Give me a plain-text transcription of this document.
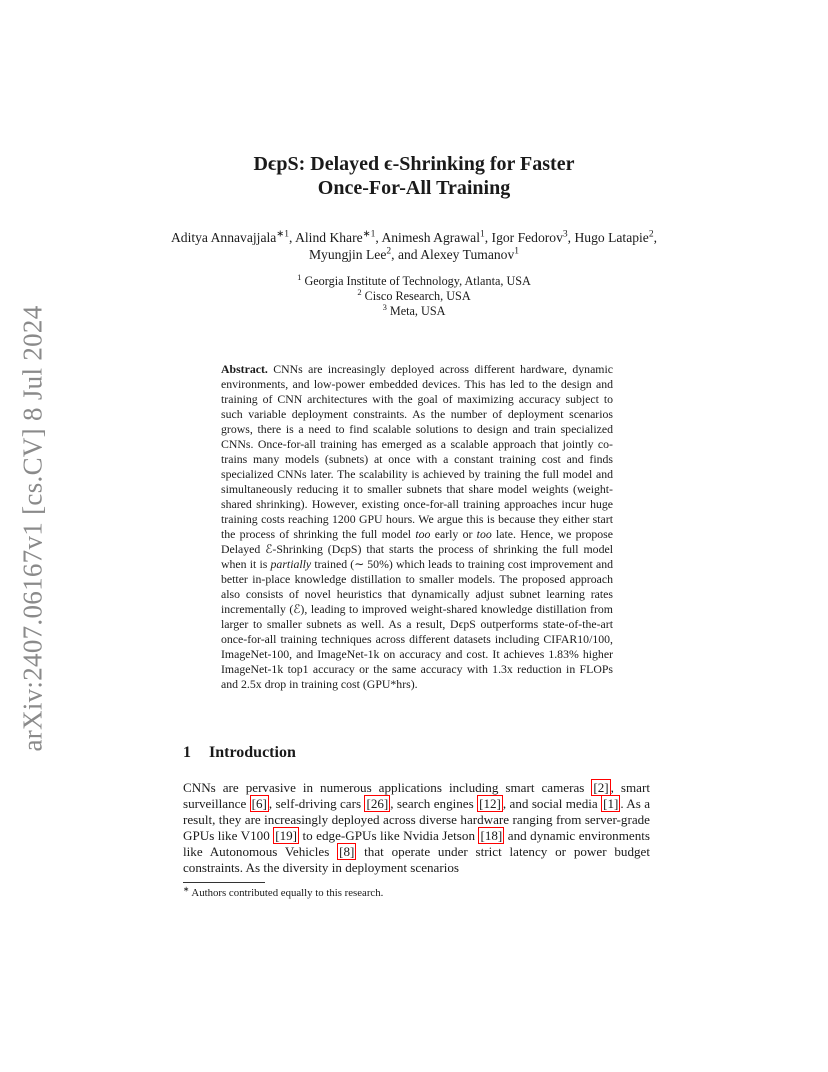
arXiv:2407.06167v1 [cs.CV] 8 Jul 2024
DϵpS: Delayed ϵ-Shrinking for Faster
Once-For-All Training
Aditya Annavajjala$^{∗1}$, Alind Khare$^{∗1}$, Animesh Agrawal$^1$, Igor Fedorov$^3$, Hugo Latapie$^2$, Myungjin Lee$^2$, and Alexey Tumanov$^1$
$^1$ Georgia Institute of Technology, Atlanta, USA
$^2$ Cisco Research, USA
$^3$ Meta, USA
Abstract. CNNs are increasingly deployed across different hardware, dynamic environments, and low-power embedded devices. This has led to the design and training of CNN architectures with the goal of maximizing accuracy subject to such variable deployment constraints. As the number of deployment scenarios grows, there is a need to find scalable solutions to design and train specialized CNNs. Once-for-all training has emerged as a scalable approach that jointly co-trains many models (subnets) at once with a constant training cost and finds specialized CNNs later. The scalability is achieved by training the full model and simultaneously reducing it to smaller subnets that share model weights (weight-shared shrinking). However, existing once-for-all training approaches incur huge training costs reaching 1200 GPU hours. We argue this is because they either start the process of shrinking the full model too early or too late. Hence, we propose Delayed ℰ-Shrinking (DϵpS) that starts the process of shrinking the full model when it is partially trained (∼ 50%) which leads to training cost improvement and better in-place knowledge distillation to smaller models. The proposed approach also consists of novel heuristics that dynamically adjust subnet learning rates incrementally (ℰ), leading to improved weight-shared knowledge distillation from larger to smaller subnets as well. As a result, DϵpS outperforms state-of-the-art once-for-all training techniques across different datasets including CIFAR10/100, ImageNet-100, and ImageNet-1k on accuracy and cost. It achieves 1.83% higher ImageNet-1k top1 accuracy or the same accuracy with 1.3x reduction in FLOPs and 2.5x drop in training cost (GPU*hrs).
1 Introduction
CNNs are pervasive in numerous applications including smart cameras [2] , smart surveillance [6] , self-driving cars [26] , search engines [12] , and social media [1] . As a result, they are increasingly deployed across diverse hardware ranging from server-grade GPUs like V100 [19] to edge-GPUs like Nvidia Jetson [18] and dynamic environments like Autonomous Vehicles [8] that operate under strict latency or power budget constraints. As the diversity in deployment scenarios
∗ Authors contributed equally to this research.
